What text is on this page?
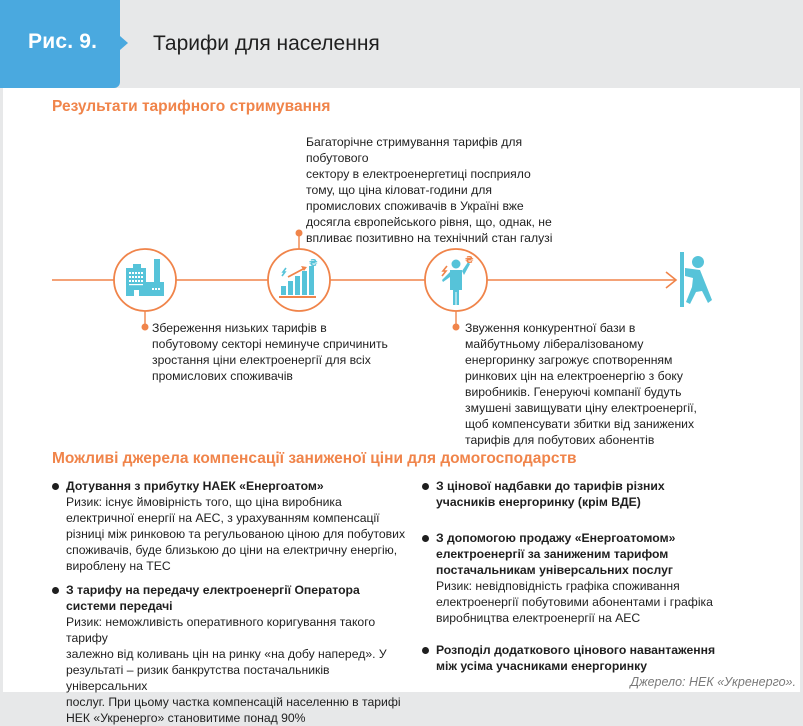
Рис. 9.	Тарифи для населення
Результати тарифного стримування
₴	₴
Збереження низьких тарифів в
побутовому секторі неминуче спричинить
зростання ціни електроенергії для всіх
промислових споживачів
Багаторічне стримування тарифів для
побутового
сектору в електроенергетиці посприяло
тому, що ціна кіловат-години для
промислових споживачів в Україні вже
досягла європейського рівня, що, однак, не
впливає позитивно на технічний стан галузі
Звуження конкурентної бази в
майбутньому лібералізованому
енергоринку загрожує спотворенням
ринкових цін на електроенергію з боку
виробників. Генеруючі компанії будуть
змушені завищувати ціну електроенергії,
щоб компенсувати збитки від занижених
тарифів для побутових абонентів
Можливі джерела компенсації заниженої ціни для домогосподарств
Дотування з прибутку НАЕК «Енергоатом»
Ризик: існує ймовірність того, що ціна виробника
електричної енергії на АЕС, з урахуванням компенсації
різниці між ринковою та регульованою ціною для побутових
споживачів, буде близькою до ціни на електричну енергію,
вироблену на ТЕС
З тарифу на передачу електроенергії Оператора системи передачі
Ризик: неможливість оперативного коригування такого тарифу
залежно від коливань цін на ринку «на добу наперед». У
результаті – ризик банкрутства постачальників універсальних
послуг. При цьому частка компенсацій населенню в тарифі
НЕК «Укренерго» становитиме понад 90%
З цінової надбавки до тарифів різних учасників енергоринку (крім ВДЕ)
З допомогою продажу «Енергоатомом» електроенергії за заниженим тарифом постачальникам універсальних послуг
Ризик: невідповідність графіка споживання
електроенергії побутовими абонентами і графіка
виробництва електроенергії на АЕС
Розподіл додаткового цінового навантаження між усіма учасниками енергоринку
Джерело: НЕК «Укренерго».
